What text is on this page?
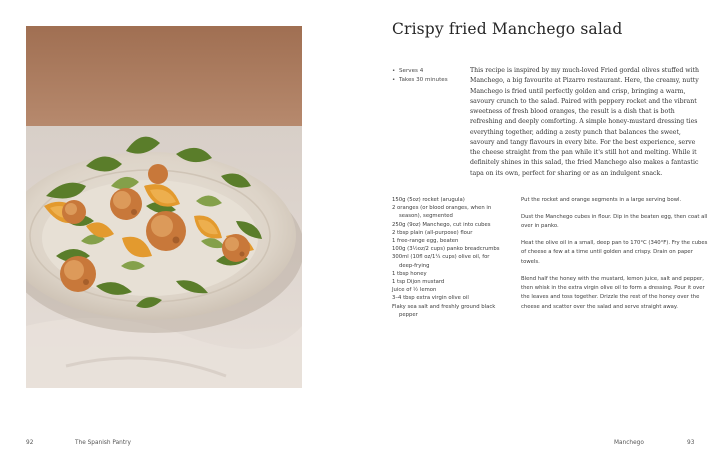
Crispy fried Manchego salad
• Serves 4
• Takes 30 minutes

This recipe is inspired by my much-loved Fried gordal olives stuffed with Manchego, a big favourite at Pizarro restaurant. Here, the creamy, nutty Manchego is fried until perfectly golden and crisp, bringing a warm, savoury crunch to the salad. Paired with peppery rocket and the vibrant sweetness of fresh blood oranges, the result is a dish that is both refreshing and deeply comforting. A simple honey-mustard dressing ties everything together, adding a zesty punch that balances the sweet, savoury and tangy flavours in every bite. For the best experience, serve the cheese straight from the pan while it's still hot and melting. While it definitely shines in this salad, the fried Manchego also makes a fantastic tapa on its own, perfect for sharing or as an indulgent snack.

150g (5oz) rocket (arugula)
2 oranges (or blood oranges, when in season), segmented
250g (9oz) Manchego, cut into cubes
2 tbsp plain (all-purpose) flour
1 free-range egg, beaten
100g (3½oz/2 cups) panko breadcrumbs
300ml (10fl oz/1¼ cups) olive oil, for deep-frying
1 tbsp honey
1 tsp Dijon mustard
Juice of ½ lemon
3–4 tbsp extra virgin olive oil
Flaky sea salt and freshly ground black pepper

Put the rocket and orange segments in a large serving bowl.

Dust the Manchego cubes in flour. Dip in the beaten egg, then coat all over in panko.

Heat the olive oil in a small, deep pan to 170°C (340°F). Fry the cubes of cheese a few at a time until golden and crispy. Drain on paper towels.

Blend half the honey with the mustard, lemon juice, salt and pepper, then whisk in the extra virgin olive oil to form a dressing. Pour it over the leaves and toss together. Drizzle the rest of the honey over the cheese and scatter over the salad and serve straight away.

92	The Spanish Pantry	Manchego	93
